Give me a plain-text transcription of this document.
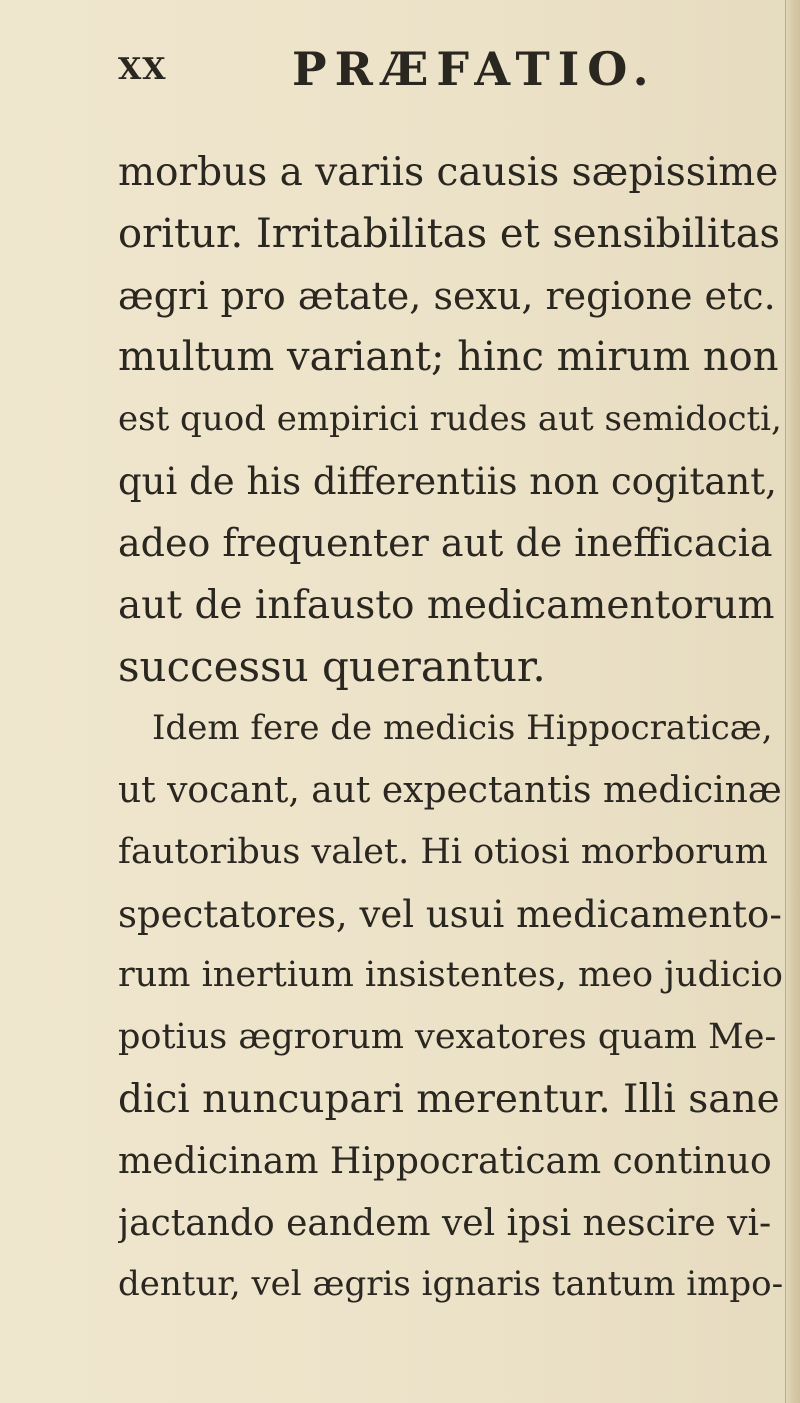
XX	PRÆFATIO.
morbus a variis causis sæpissime
oritur. Irritabilitas et sensibilitas
ægri pro ætate, sexu, regione etc.
multum variant; hinc mirum non
est quod empirici rudes aut semidocti,
qui de his differentiis non cogitant,
adeo frequenter aut de inefficacia
aut de infausto medicamentorum
successu querantur.
Idem fere de medicis Hippocraticæ,
ut vocant, aut expectantis medicinæ
fautoribus valet. Hi otiosi morborum
spectatores, vel usui medicamento-
rum inertium insistentes, meo judicio
potius ægrorum vexatores quam Me-
dici nuncupari merentur. Illi sane
medicinam Hippocraticam continuo
jactando eandem vel ipsi nescire vi-
dentur, vel ægris ignaris tantum impo-
